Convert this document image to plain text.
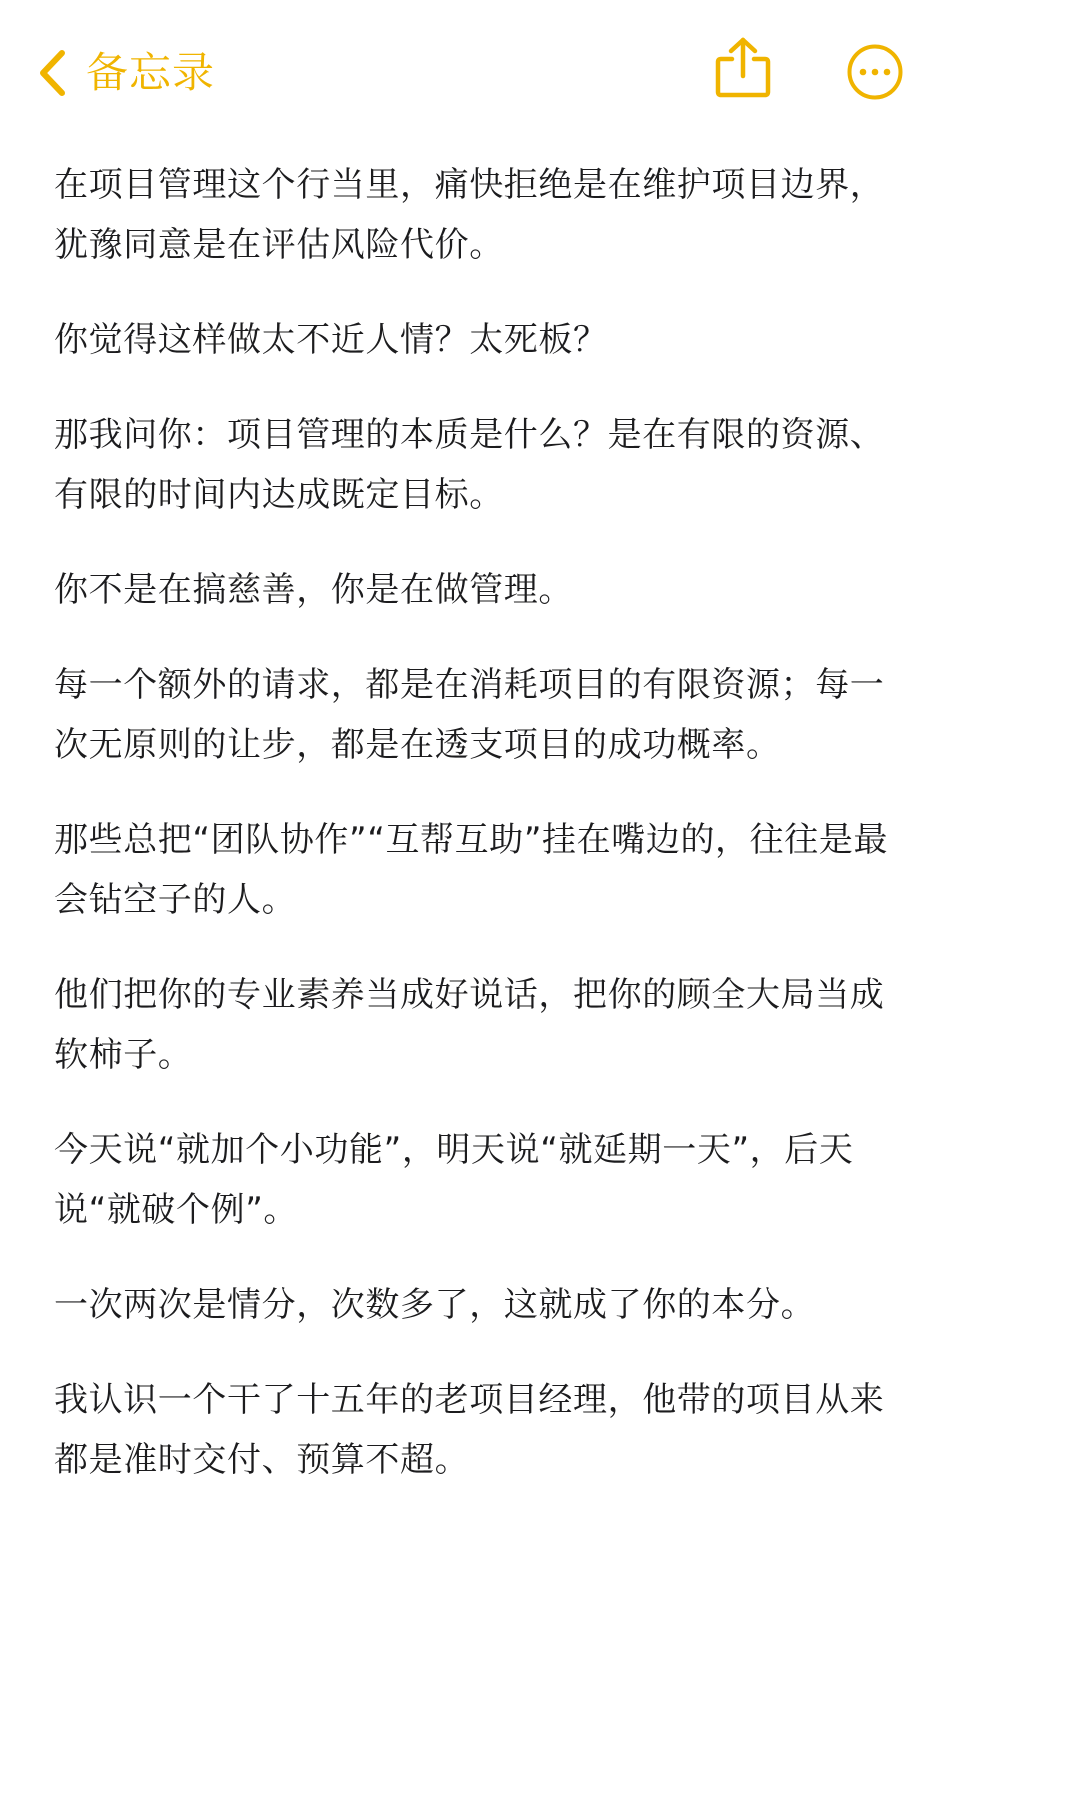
备忘录

在项目管理这个行当里，痛快拒绝是在维护项目边界，犹豫同意是在评估风险代价。

你觉得这样做太不近人情？太死板？

那我问你：项目管理的本质是什么？是在有限的资源、有限的时间内达成既定目标。

你不是在搞慈善，你是在做管理。

每一个额外的请求，都是在消耗项目的有限资源；每一次无原则的让步，都是在透支项目的成功概率。

那些总把“团队协作”“互帮互助”挂在嘴边的，往往是最会钻空子的人。

他们把你的专业素养当成好说话，把你的顾全大局当成软柿子。

今天说“就加个小功能”，明天说“就延期一天”，后天说“就破个例”。

一次两次是情分，次数多了，这就成了你的本分。

我认识一个干了十五年的老项目经理，他带的项目从来都是准时交付、预算不超。
